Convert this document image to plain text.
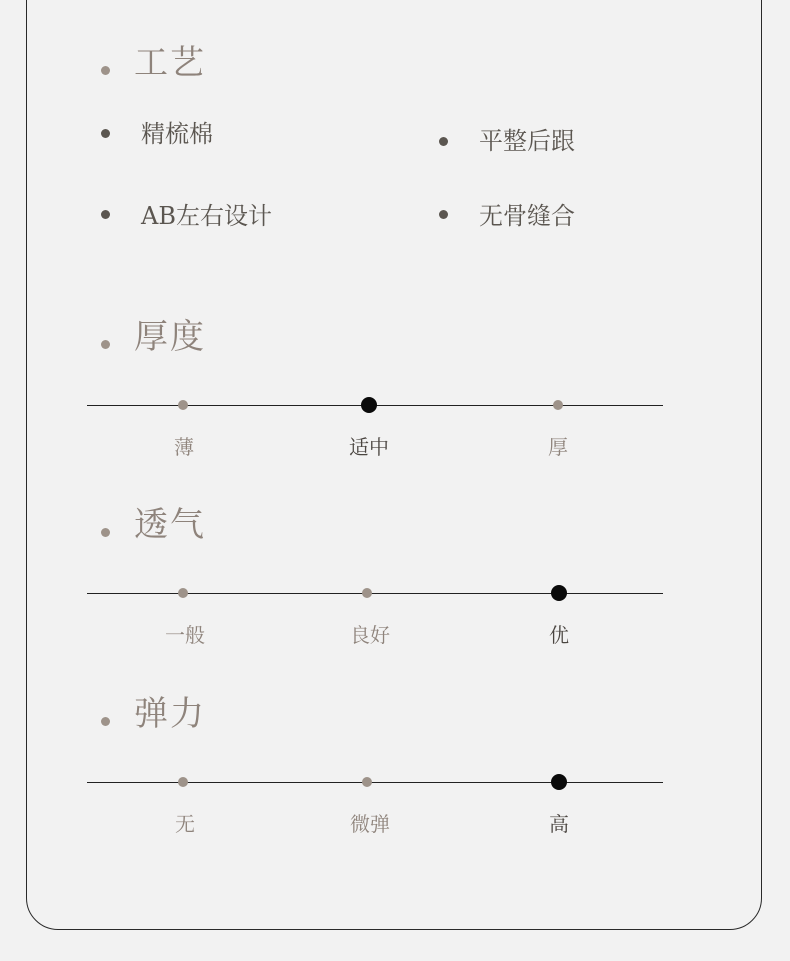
工艺
精梳棉	平整后跟
AB左右设计	无骨缝合
厚度
薄	适中	厚
透气
一般	良好	优
弹力
无	微弹	高
